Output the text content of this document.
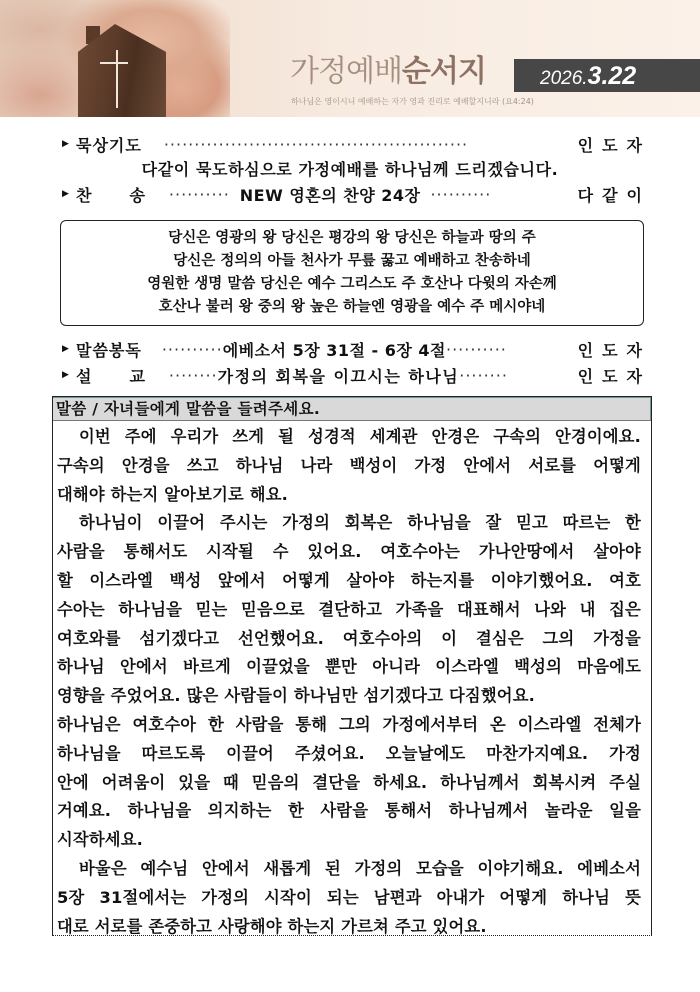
가정예배순서지	2026.3.22
하나님은 영이시니 예배하는 자가 영과 진리로 예배할지니라 (요4:24)
▶ 묵상기도 ··················································	인도자
다같이 묵도하심으로 가정예배를 하나님께 드리겠습니다.
▶ 찬　　송 ·········· NEW 영혼의 찬양 24장 ··········	다같이
당신은 영광의 왕 당신은 평강의 왕 당신은 하늘과 땅의 주
당신은 정의의 아들 천사가 무릎 꿇고 예배하고 찬송하네
영원한 생명 말씀 당신은 예수 그리스도 주 호산나 다윗의 자손께
호산나 불러 왕 중의 왕 높은 하늘엔 영광을 예수 주 메시야네
▶ 말씀봉독 ·········· 에베소서 5장 31절 - 6장 4절 ··········	인도자
▶ 설　　교 ········ 가정의 회복을 이끄시는 하나님 ········	인도자
말씀 / 자녀들에게 말씀을 들려주세요.
이번 주에 우리가 쓰게 될 성경적 세계관 안경은 구속의 안경이에요.
구속의 안경을 쓰고 하나님 나라 백성이 가정 안에서 서로를 어떻게
대해야 하는지 알아보기로 해요.
하나님이 이끌어 주시는 가정의 회복은 하나님을 잘 믿고 따르는 한
사람을 통해서도 시작될 수 있어요. 여호수아는 가나안땅에서 살아야
할 이스라엘 백성 앞에서 어떻게 살아야 하는지를 이야기했어요. 여호
수아는 하나님을 믿는 믿음으로 결단하고 가족을 대표해서 나와 내 집은
여호와를 섬기겠다고 선언했어요. 여호수아의 이 결심은 그의 가정을
하나님 안에서 바르게 이끌었을 뿐만 아니라 이스라엘 백성의 마음에도
영향을 주었어요. 많은 사람들이 하나님만 섬기겠다고 다짐했어요.
하나님은 여호수아 한 사람을 통해 그의 가정에서부터 온 이스라엘 전체가
하나님을 따르도록 이끌어 주셨어요. 오늘날에도 마찬가지예요. 가정
안에 어려움이 있을 때 믿음의 결단을 하세요. 하나님께서 회복시켜 주실
거예요. 하나님을 의지하는 한 사람을 통해서 하나님께서 놀라운 일을
시작하세요.
바울은 예수님 안에서 새롭게 된 가정의 모습을 이야기해요. 에베소서
5장 31절에서는 가정의 시작이 되는 남편과 아내가 어떻게 하나님 뜻
대로 서로를 존중하고 사랑해야 하는지 가르쳐 주고 있어요.
